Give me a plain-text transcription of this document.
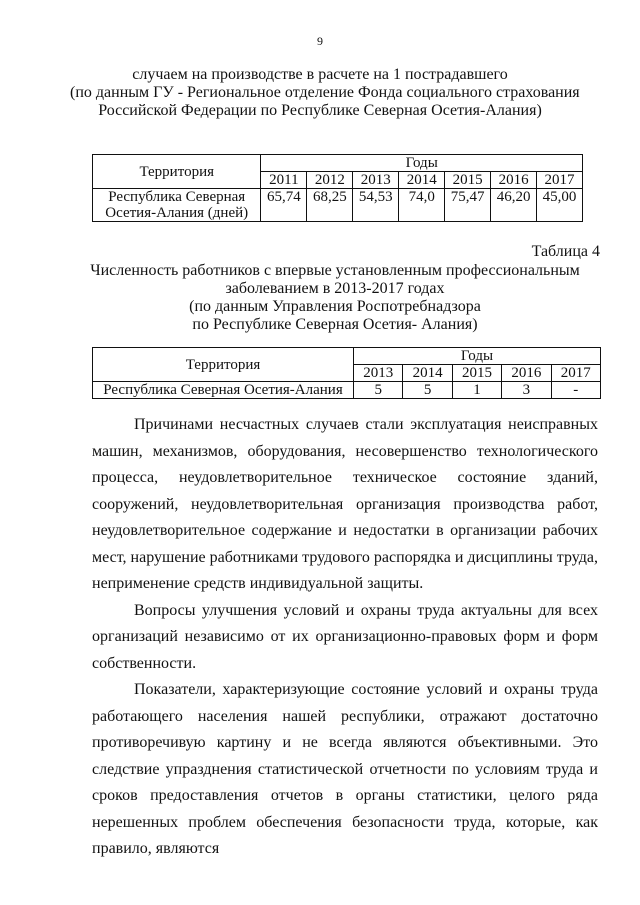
9
случаем на производстве в расчете на 1 пострадавшего
(по данным ГУ - Региональное отделение Фонда социального страхования
Российской Федерации по Республике Северная Осетия-Алания)
Территория	Годы						
	2011	2012	2013	2014	2015	2016	2017
Республика Северная Осетия-Алания (дней)	65,74	68,25	54,53	74,0	75,47	46,20	45,00
Таблица 4
Численность работников с впервые установленным профессиональным
заболеванием в 2013-2017 годах
(по данным Управления Роспотребнадзора
по Республике Северная Осетия- Алания)
Территория	Годы				
	2013	2014	2015	2016	2017
Республика Северная Осетия-Алания	5	5	1	3	-

Причинами несчастных случаев стали эксплуатация неисправных машин, механизмов, оборудования, несовершенство технологического процесса, неудовлетворительное техническое состояние зданий, сооружений, неудовлетворительная организация производства работ, неудовлетворительное содержание и недостатки в организации рабочих мест, нарушение работниками трудового распорядка и дисциплины труда, неприменение средств индивидуальной защиты.

Вопросы улучшения условий и охраны труда актуальны для всех организаций независимо от их организационно-правовых форм и форм собственности.

Показатели, характеризующие состояние условий и охраны труда работающего населения нашей республики, отражают достаточно противоречивую картину и не всегда являются объективными. Это следствие упразднения статистической отчетности по условиям труда и сроков предоставления отчетов в органы статистики, целого ряда нерешенных проблем обеспечения безопасности труда, которые, как правило, являются
